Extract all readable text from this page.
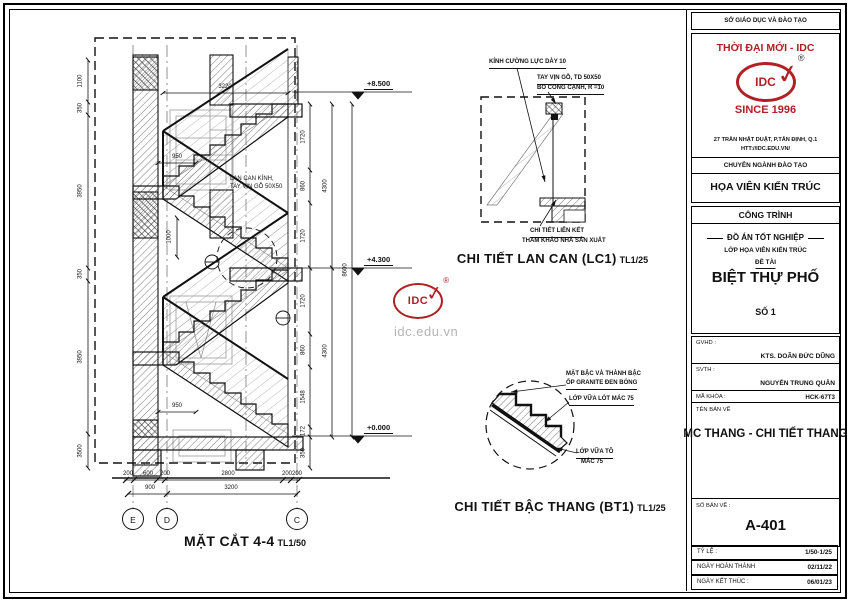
1100
350
3950
350
3950
3500
1720
860
1720
1720
860
1548
172
350
4300
4300
8600
3220
950
1000
950
+8.500
+4.300
+0.000
LAN CAN KÍNH,
TAY VỊN GỖ 50X50
200 600 200	2800	200 200
900	3200
E	D	C
MẶT CẮT 4-4 TL1/50
IDC
✓
®
idc.edu.vn
KÍNH CƯỜNG LỰC DÀY 10
TAY VỊN GỖ, TD 50X50
BO CONG CẠNH, R =10
CHI TIẾT LIÊN KẾT
THAM KHẢO NHÀ SẢN XUẤT
CHI TIẾT LAN CAN (LC1) TL1/25
MẶT BẬC VÀ THÀNH BẬC
ỐP GRANITE ĐEN BÓNG
LỚP VỮA LÓT MÁC 75
LỚP VỮA TÔ
MÁC 75
CHI TIẾT BẬC THANG (BT1) TL1/25
SỞ GIÁO DỤC VÀ ĐÀO TẠO
THỜI ĐẠI MỚI - IDC
IDC
✓
®
SINCE 1996
27 TRẦN NHẬT DUẬT, P.TÂN ĐỊNH, Q.1
HTT://IDC.EDU.VN/
CHUYÊN NGÀNH ĐÀO TẠO
HỌA VIÊN KIẾN TRÚC
CÔNG TRÌNH
ĐỒ ÁN TỐT NGHIỆP
LỚP HỌA VIÊN KIẾN TRÚC
ĐỀ TÀI
BIỆT THỰ PHỐ
SỐ 1
GVHD :
KTS. DOÃN ĐỨC DŨNG
SVTH :
NGUYỄN TRUNG QUÂN
MÃ KHÓA :	HCK-67T3
TÊN BẢN VẼ
MC THANG - CHI TIẾT THANG
SỐ BẢN VẼ :
A-401
TỶ LỆ :	1/50-1/25
NGÀY HOÀN THÀNH	02/11/22
NGÀY KẾT THÚC :	06/01/23
